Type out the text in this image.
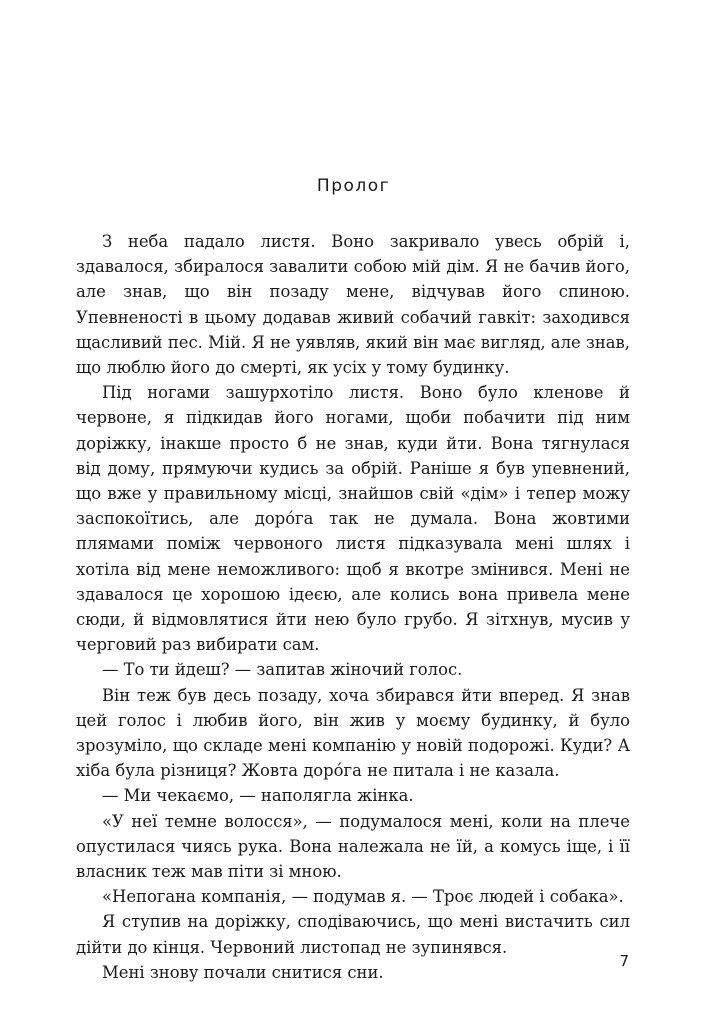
Пролог

З неба падало листя. Воно закривало увесь обрій і, здавалося, збиралося завалити собою мій дім. Я не бачив його, але знав, що він позаду мене, відчував його спиною. Упевненості в цьому додавав живий собачий гавкіт: заходився щасливий пес. Мій. Я не уявляв, який він має вигляд, але знав, що люблю його до смерті, як усіх у тому будинку.

Під ногами зашурхотіло листя. Воно було кленове й червоне, я підкидав його ногами, щоби побачити під ним доріжку, інакше просто б не знав, куди йти. Вона тягнулася від дому, прямуючи кудись за обрій. Раніше я був упевнений, що вже у правильному місці, знайшов свій «дім» і тепер можу заспокоїтись, але доро́га так не думала. Вона жовтими плямами поміж червоного листя підказувала мені шлях і хотіла від мене неможливого: щоб я вкотре змінився. Мені не здавалося це хорошою ідеєю, але колись вона привела мене сюди, й відмовлятися йти нею було грубо. Я зітхнув, мусив у черговий раз вибирати сам.

— То ти йдеш? — запитав жіночий голос.

Він теж був десь позаду, хоча збирався йти вперед. Я знав цей голос і любив його, він жив у моєму будинку, й було зрозуміло, що складе мені компанію у новій подорожі. Куди? А хіба була різниця? Жовта доро́га не питала і не казала.

— Ми чекаємо, — наполягла жінка.

«У неї темне волосся», — подумалося мені, коли на плече опустилася чиясь рука. Вона належала не їй, а комусь іще, і її власник теж мав піти зі мною.

«Непогана компанія, — подумав я. — Троє людей і собака».

Я ступив на доріжку, сподіваючись, що мені вистачить сил дійти до кінця. Червоний листопад не зупинявся.

Мені знову почали снитися сни.

7
